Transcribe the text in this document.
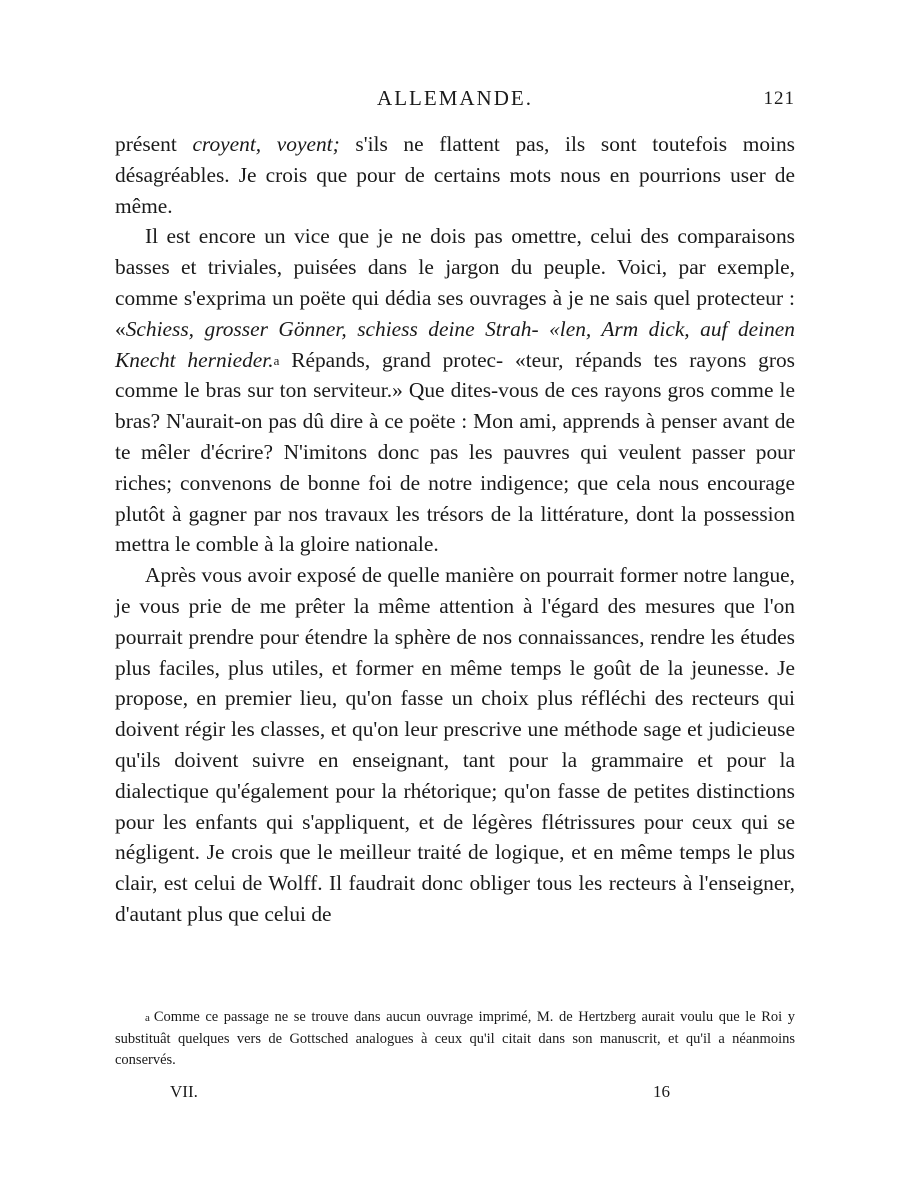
ALLEMANDE.	121

présent croyent, voyent; s'ils ne flattent pas, ils sont toutefois moins désagréables. Je crois que pour de certains mots nous en pourrions user de même.

Il est encore un vice que je ne dois pas omettre, celui des comparaisons basses et triviales, puisées dans le jargon du peuple. Voici, par exemple, comme s'exprima un poëte qui dédia ses ouvrages à je ne sais quel protecteur : «Schiess, grosser Gönner, schiess deine Strah- «len, Arm dick, auf deinen Knecht hernieder.$^a$ Répands, grand protec- «teur, répands tes rayons gros comme le bras sur ton serviteur.» Que dites-vous de ces rayons gros comme le bras? N'aurait-on pas dû dire à ce poëte : Mon ami, apprends à penser avant de te mêler d'écrire? N'imitons donc pas les pauvres qui veulent passer pour riches; convenons de bonne foi de notre indigence; que cela nous encourage plutôt à gagner par nos travaux les trésors de la littérature, dont la possession mettra le comble à la gloire nationale.

Après vous avoir exposé de quelle manière on pourrait former notre langue, je vous prie de me prêter la même attention à l'égard des mesures que l'on pourrait prendre pour étendre la sphère de nos connaissances, rendre les études plus faciles, plus utiles, et former en même temps le goût de la jeunesse. Je propose, en premier lieu, qu'on fasse un choix plus réfléchi des recteurs qui doivent régir les classes, et qu'on leur prescrive une méthode sage et judicieuse qu'ils doivent suivre en enseignant, tant pour la grammaire et pour la dialectique qu'également pour la rhétorique; qu'on fasse de petites distinctions pour les enfants qui s'appliquent, et de légères flétrissures pour ceux qui se négligent. Je crois que le meilleur traité de logique, et en même temps le plus clair, est celui de Wolff. Il faudrait donc obliger tous les recteurs à l'enseigner, d'autant plus que celui de

$^a$ Comme ce passage ne se trouve dans aucun ouvrage imprimé, M. de Hertzberg aurait voulu que le Roi y substituât quelques vers de Gottsched analogues à ceux qu'il citait dans son manuscrit, et qu'il a néanmoins conservés.

VII.	16
